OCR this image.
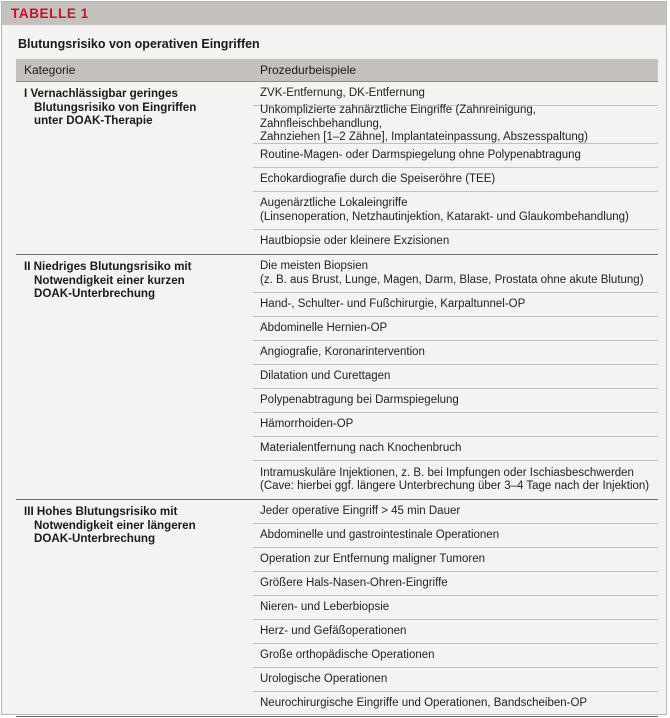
TABELLE 1
Blutungsrisiko von operativen Eingriffen
Kategorie	Prozedurbeispiele
I Vernachlässigbar geringes
Blutungsrisiko von Eingriffen
unter DOAK-Therapie
ZVK-Entfernung, DK-Entfernung
Unkomplizierte zahnärztliche Eingriffe (Zahnreinigung, Zahnfleischbehandlung,
Zahnziehen [1–2 Zähne], Implantateinpassung, Abszesspaltung)
Routine-Magen- oder Darmspiegelung ohne Polypenabtragung
Echokardiografie durch die Speiseröhre (TEE)
Augenärztliche Lokaleingriffe
(Linsenoperation, Netzhautinjektion, Katarakt- und Glaukombehandlung)
Hautbiopsie oder kleinere Exzisionen
II Niedriges Blutungsrisiko mit
Notwendigkeit einer kurzen
DOAK-Unterbrechung
Die meisten Biopsien
(z. B. aus Brust, Lunge, Magen, Darm, Blase, Prostata ohne akute Blutung)
Hand-, Schulter- und Fußchirurgie, Karpaltunnel-OP
Abdominelle Hernien-OP
Angiografie, Koronarintervention
Dilatation und Curettagen
Polypenabtragung bei Darmspiegelung
Hämorrhoiden-OP
Materialentfernung nach Knochenbruch
Intramuskuläre Injektionen, z. B. bei Impfungen oder Ischiasbeschwerden
(Cave: hierbei ggf. längere Unterbrechung über 3–4 Tage nach der Injektion)
III Hohes Blutungsrisiko mit
Notwendigkeit einer längeren
DOAK-Unterbrechung
Jeder operative Eingriff > 45 min Dauer
Abdominelle und gastrointestinale Operationen
Operation zur Entfernung maligner Tumoren
Größere Hals-Nasen-Ohren-Eingriffe
Nieren- und Leberbiopsie
Herz- und Gefäßoperationen
Große orthopädische Operationen
Urologische Operationen
Neurochirurgische Eingriffe und Operationen, Bandscheiben-OP
